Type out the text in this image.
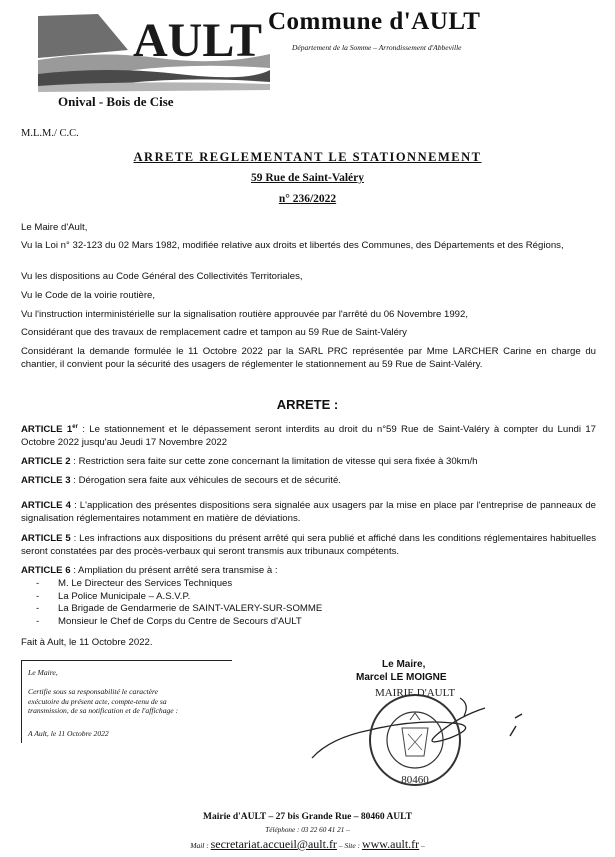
AULT
Onival - Bois de Cise
Commune d'AULT
Département de la Somme – Arrondissement d'Abbeville
M.L.M./ C.C.
ARRETE REGLEMENTANT LE STATIONNEMENT
59 Rue de Saint-Valéry
n° 236/2022
Le Maire d'Ault,
Vu la Loi n° 32-123 du 02 Mars 1982, modifiée relative aux droits et libertés des Communes, des Départements et des Régions,
Vu les dispositions au Code Général des Collectivités Territoriales,
Vu le Code de la voirie routière,
Vu l'instruction interministérielle sur la signalisation routière approuvée par l'arrêté du 06 Novembre 1992,
Considérant que des travaux de remplacement cadre et tampon au 59 Rue de Saint-Valéry
Considérant la demande formulée le 11 Octobre 2022 par la SARL PRC représentée par Mme LARCHER Carine en charge du chantier, il convient pour la sécurité des usagers de réglementer le stationnement au 59 Rue de Saint-Valéry.
ARRETE :
ARTICLE 1er : Le stationnement et le dépassement seront interdits au droit du n°59 Rue de Saint-Valéry à compter du Lundi 17 Octobre 2022 jusqu'au Jeudi 17 Novembre 2022
ARTICLE 2 : Restriction sera faite sur cette zone concernant la limitation de vitesse qui sera fixée à 30km/h
ARTICLE 3 : Dérogation sera faite aux véhicules de secours et de sécurité.
ARTICLE 4 : L'application des présentes dispositions sera signalée aux usagers par la mise en place par l'entreprise de panneaux de signalisation réglementaires notamment en matière de déviations.
ARTICLE 5 : Les infractions aux dispositions du présent arrêté qui sera publié et affiché dans les conditions réglementaires habituelles seront constatées par des procès-verbaux qui seront transmis aux tribunaux compétents.
ARTICLE 6 : Ampliation du présent arrêté sera transmise à :
- M. Le Directeur des Services Techniques
- La Police Municipale – A.S.V.P.
- La Brigade de Gendarmerie de SAINT-VALERY-SUR-SOMME
- Monsieur le Chef de Corps du Centre de Secours d'AULT
Fait à Ault, le 11 Octobre 2022.
Le Maire,
Certifie sous sa responsabilité le caractère
exécutoire du présent acte, compte-tenu de sa
transmission, de sa notification et de l'affichage :
A Ault, le 11 Octobre 2022
MAIRIE D'AULT
80460
Le Maire,
Marcel LE MOIGNE
Mairie d'AULT – 27 bis Grande Rue – 80460 AULT
Téléphone : 03 22 60 41 21 –
Mail : secretariat.accueil@ault.fr – Site : www.ault.fr –
